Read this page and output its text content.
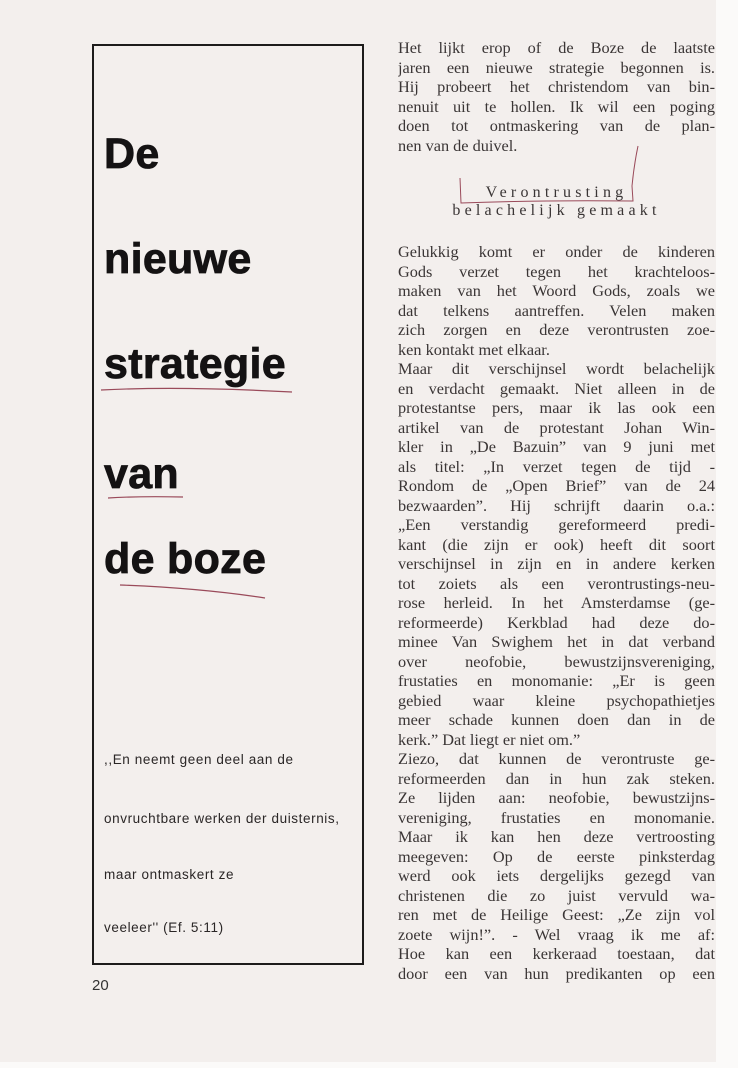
De
nieuwe
strategie
van
de boze
,,En neemt geen deel aan de
onvruchtbare werken der duisternis,
maar ontmaskert ze
veeleer'' (Ef. 5:11)
20
Het lijkt erop of de Boze de laatste
jaren een nieuwe strategie begonnen is.
Hij probeert het christendom van bin-
nenuit uit te hollen. Ik wil een poging
doen tot ontmaskering van de plan-
nen van de duivel.
Verontrusting
belachelijk gemaakt
Gelukkig komt er onder de kinderen
Gods verzet tegen het krachteloos-
maken van het Woord Gods, zoals we
dat telkens aantreffen. Velen maken
zich zorgen en deze verontrusten zoe-
ken kontakt met elkaar.
Maar dit verschijnsel wordt belachelijk
en verdacht gemaakt. Niet alleen in de
protestantse pers, maar ik las ook een
artikel van de protestant Johan Win-
kler in „De Bazuin” van 9 juni met
als titel: „In verzet tegen de tijd -
Rondom de „Open Brief” van de 24
bezwaarden”. Hij schrijft daarin o.a.:
„Een verstandig gereformeerd predi-
kant (die zijn er ook) heeft dit soort
verschijnsel in zijn en in andere kerken
tot zoiets als een verontrustings-neu-
rose herleid. In het Amsterdamse (ge-
reformeerde) Kerkblad had deze do-
minee Van Swighem het in dat verband
over neofobie, bewustzijnsvereniging,
frustaties en monomanie: „Er is geen
gebied waar kleine psychopathietjes
meer schade kunnen doen dan in de
kerk.” Dat liegt er niet om.”
Ziezo, dat kunnen de verontruste ge-
reformeerden dan in hun zak steken.
Ze lijden aan: neofobie, bewustzijns-
vereniging, frustaties en monomanie.
Maar ik kan hen deze vertroosting
meegeven: Op de eerste pinksterdag
werd ook iets dergelijks gezegd van
christenen die zo juist vervuld wa-
ren met de Heilige Geest: „Ze zijn vol
zoete wijn!”. - Wel vraag ik me af:
Hoe kan een kerkeraad toestaan, dat
door een van hun predikanten op een
